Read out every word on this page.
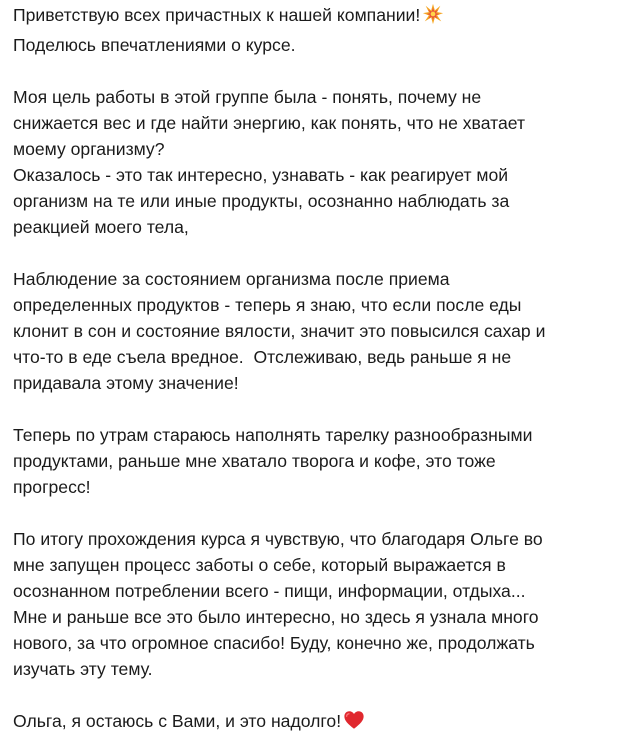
Приветствую всех причастных к нашей компании!
Поделюсь впечатлениями о курсе.

Моя цель работы в этой группе была - понять, почему не
снижается вес и где найти энергию, как понять, что не хватает
моему организму?
Оказалось - это так интересно, узнавать - как реагирует мой
организм на те или иные продукты, осознанно наблюдать за
реакцией моего тела,

Наблюдение за состоянием организма после приема
определенных продуктов - теперь я знаю, что если после еды
клонит в сон и состояние вялости, значит это повысился сахар и
что-то в еде съела вредное.  Отслеживаю, ведь раньше я не
придавала этому значение!

Теперь по утрам стараюсь наполнять тарелку разнообразными
продуктами, раньше мне хватало творога и кофе, это тоже
прогресс!

По итогу прохождения курса я чувствую, что благодаря Ольге во
мне запущен процесс заботы о себе, который выражается в
осознанном потреблении всего - пищи, информации, отдыха...
Мне и раньше все это было интересно, но здесь я узнала много
нового, за что огромное спасибо! Буду, конечно же, продолжать
изучать эту тему.

Ольга, я остаюсь с Вами, и это надолго!
